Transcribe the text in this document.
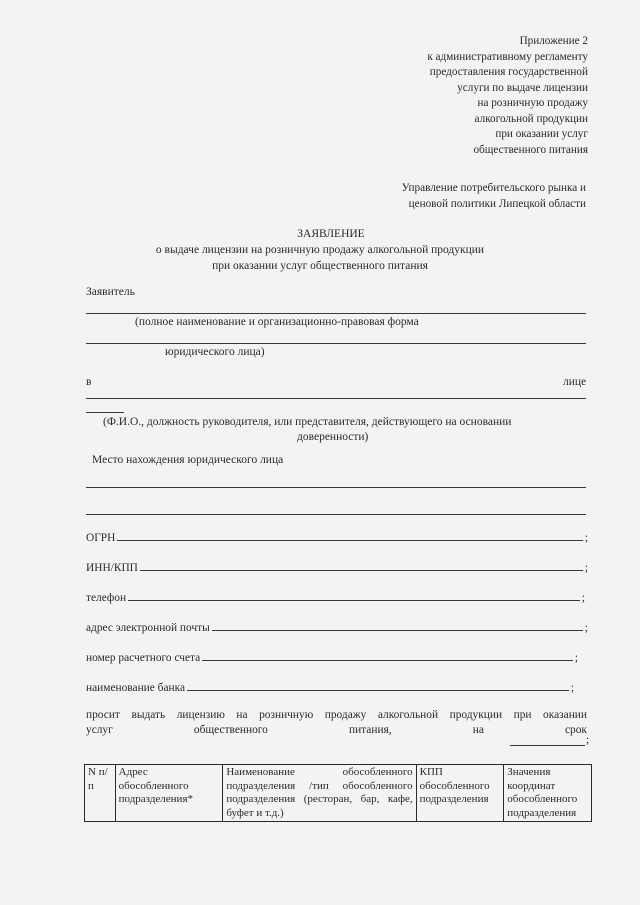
Приложение 2
к административному регламенту
предоставления государственной
услуги по выдаче лицензии
на розничную продажу
алкогольной продукции
при оказании услуг
общественного питания
Управление потребительского рынка и
ценовой политики Липецкой области
ЗАЯВЛЕНИЕ
о выдаче лицензии на розничную продажу алкогольной продукции
при оказании услуг общественного питания
Заявитель
(полное наименование и организационно-правовая форма
юридического лица)
в	лице
(Ф.И.О., должность руководителя, или представителя, действующего на основании
доверенности)
Место нахождения юридического лица
ОГРН	;
ИНН/КПП	;
телефон	;
адрес электронной почты	;
номер расчетного счета	;
наименование банка	;
просит выдать лицензию на розничную продажу алкогольной продукции при оказании
услуг	общественного	питания,	на	срок
;
N п/п	Адрес обособленного подразделения*	Наименование обособленного подразделения /тип обособленного подразделения (ресторан, бар, кафе, буфет и т.д.)	КПП обособленного подразделения	Значения координат обособленного подразделения
